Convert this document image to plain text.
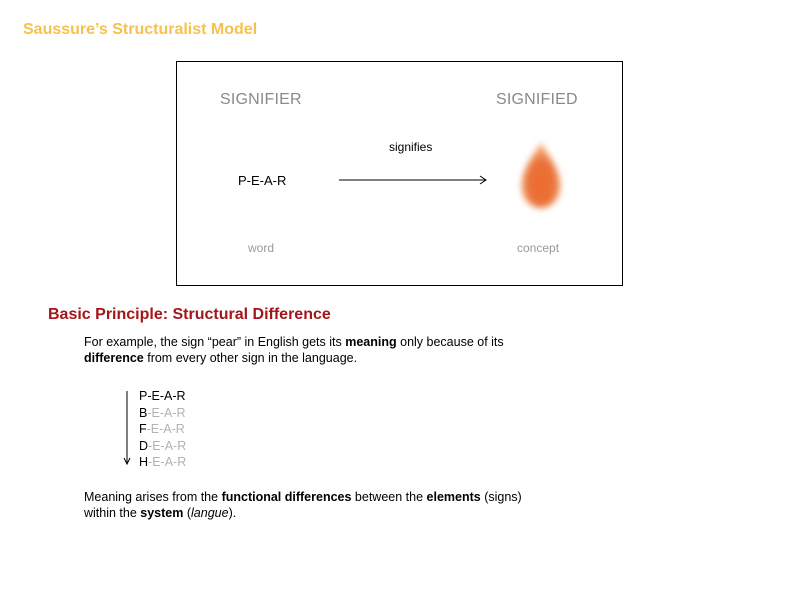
Saussure’s Structuralist Model
SIGNIFIER	SIGNIFIED
P-E-A-R
signifies
word	concept
Basic Principle: Structural Difference
For example, the sign “pear” in English gets its meaning only because of its
difference from every other sign in the language.
P-E-A-R
B-E-A-R
F-E-A-R
D-E-A-R
H-E-A-R
Meaning arises from the functional differences between the elements (signs)
within the system (langue).
